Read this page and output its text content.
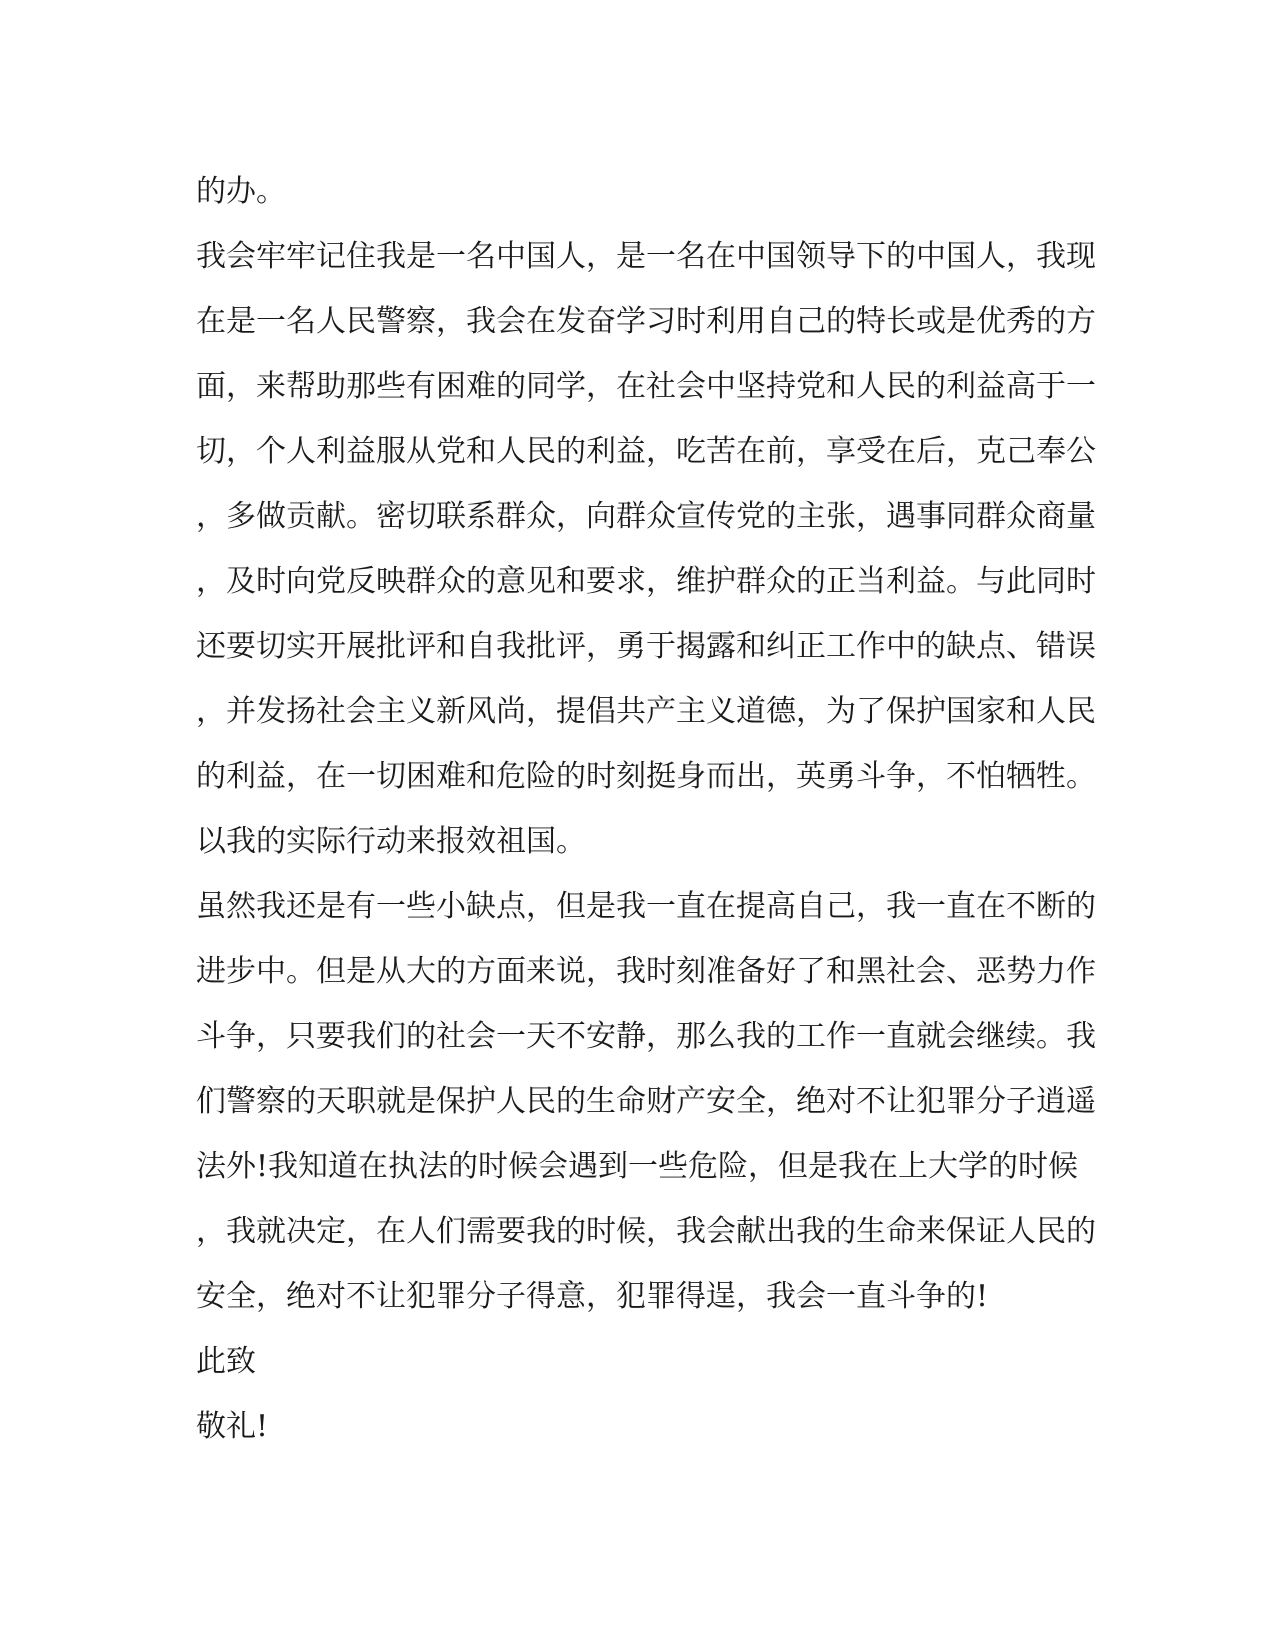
的办。
我会牢牢记住我是一名中国人，是一名在中国领导下的中国人，我现
在是一名人民警察，我会在发奋学习时利用自己的特长或是优秀的方
面，来帮助那些有困难的同学，在社会中坚持党和人民的利益高于一
切，个人利益服从党和人民的利益，吃苦在前，享受在后，克己奉公
，多做贡献。密切联系群众，向群众宣传党的主张，遇事同群众商量
，及时向党反映群众的意见和要求，维护群众的正当利益。与此同时
还要切实开展批评和自我批评，勇于揭露和纠正工作中的缺点、错误
，并发扬社会主义新风尚，提倡共产主义道德，为了保护国家和人民
的利益，在一切困难和危险的时刻挺身而出，英勇斗争，不怕牺牲。
以我的实际行动来报效祖国。
虽然我还是有一些小缺点，但是我一直在提高自己，我一直在不断的
进步中。但是从大的方面来说，我时刻准备好了和黑社会、恶势力作
斗争，只要我们的社会一天不安静，那么我的工作一直就会继续。我
们警察的天职就是保护人民的生命财产安全，绝对不让犯罪分子逍遥
法外!我知道在执法的时候会遇到一些危险，但是我在上大学的时候
，我就决定，在人们需要我的时候，我会献出我的生命来保证人民的
安全，绝对不让犯罪分子得意，犯罪得逞，我会一直斗争的!
此致
敬礼!
